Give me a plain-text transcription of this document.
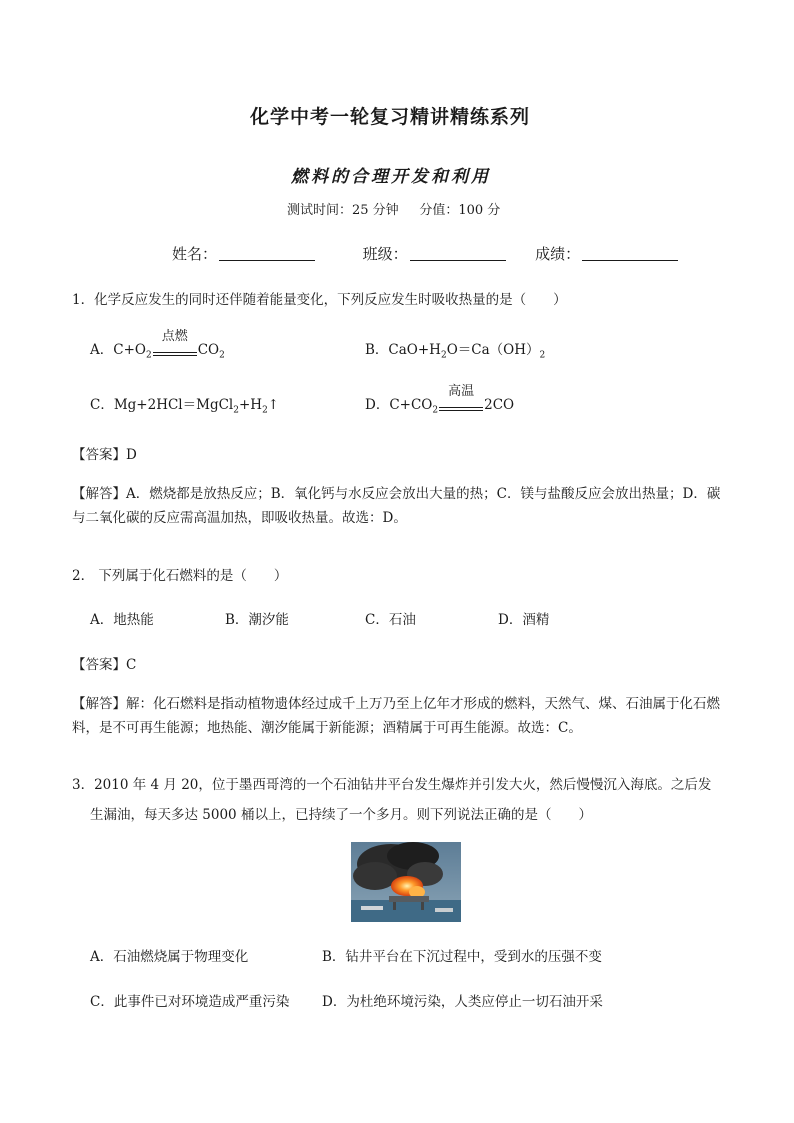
化学中考一轮复习精讲精练系列
燃料的合理开发和利用
测试时间：25 分钟     分值：100 分
姓名：	班级：	成绩：
1．化学反应发生的同时还伴随着能量变化，下列反应发生时吸收热量的是（　　）
A．$C+O_2$
点燃
$CO_2$	B．$CaO+H_2O=Ca(OH)_2$
C．$Mg+2HCl=MgCl_2+H_2↑$	D．$C+CO_2$
高温
2CO
【答案】D
【解答】A．燃烧都是放热反应；B．氧化钙与水反应会放出大量的热；C．镁与盐酸反应会放出热量；D．碳与二氧化碳的反应需高温加热，即吸收热量。故选：D。
2． 下列属于化石燃料的是（　　）
A．地热能	B．潮汐能	C．石油	D．酒精
【答案】C
【解答】解：化石燃料是指动植物遗体经过成千上万乃至上亿年才形成的燃料，天然气、煤、石油属于化石燃料，是不可再生能源；地热能、潮汐能属于新能源；酒精属于可再生能源。故选：C。
3．2010 年 4 月 20，位于墨西哥湾的一个石油钻井平台发生爆炸并引发大火，然后慢慢沉入海底。之后发
生漏油，每天多达 5000 桶以上，已持续了一个多月。则下列说法正确的是（　　）
A．石油燃烧属于物理变化	B．钻井平台在下沉过程中，受到水的压强不变
C．此事件已对环境造成严重污染 D．为杜绝环境污染，人类应停止一切石油开采
